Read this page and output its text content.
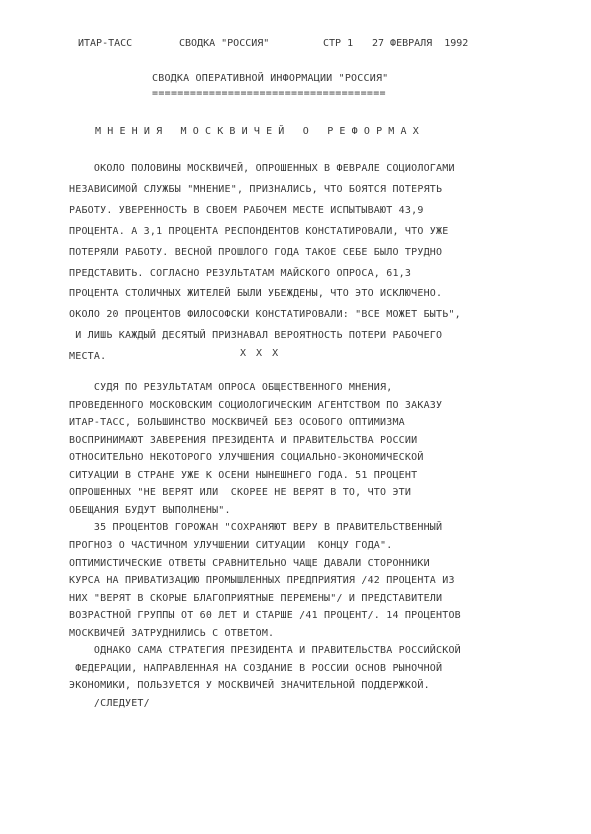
ИТАР-ТАСС	СВОДКА "РОССИЯ"	СТР 1 27 ФЕВРАЛЯ  1992
СВОДКА ОПЕРАТИВНОЙ ИНФОРМАЦИИ "РОССИЯ"
=====================================
МНЕНИЯ МОСКВИЧЕЙ О РЕФОРМАХ
ОКОЛО ПОЛОВИНЫ МОСКВИЧЕЙ, ОПРОШЕННЫХ В ФЕВРАЛЕ СОЦИОЛОГАМИ
НЕЗАВИСИМОЙ СЛУЖБЫ "МНЕНИЕ", ПРИЗНАЛИСЬ, ЧТО БОЯТСЯ ПОТЕРЯТЬ
РАБОТУ. УВЕРЕННОСТЬ В СВОЕМ РАБОЧЕМ МЕСТЕ ИСПЫТЫВАЮТ 43,9
ПРОЦЕНТА. А 3,1 ПРОЦЕНТА РЕСПОНДЕНТОВ КОНСТАТИРОВАЛИ, ЧТО УЖЕ
ПОТЕРЯЛИ РАБОТУ. ВЕСНОЙ ПРОШЛОГО ГОДА ТАКОЕ СЕБЕ БЫЛО ТРУДНО
ПРЕДСТАВИТЬ. СОГЛАСНО РЕЗУЛЬТАТАМ МАЙСКОГО ОПРОСА, 61,3
ПРОЦЕНТА СТОЛИЧНЫХ ЖИТЕЛЕЙ БЫЛИ УБЕЖДЕНЫ, ЧТО ЭТО ИСКЛЮЧЕНО.
ОКОЛО 20 ПРОЦЕНТОВ ФИЛОСОФСКИ КОНСТАТИРОВАЛИ: "ВСЕ МОЖЕТ БЫТЬ",
И ЛИШЬ КАЖДЫЙ ДЕСЯТЫЙ ПРИЗНАВАЛ ВЕРОЯТНОСТЬ ПОТЕРИ РАБОЧЕГО
МЕСТА.	Х Х Х
СУДЯ ПО РЕЗУЛЬТАТАМ ОПРОСА ОБЩЕСТВЕННОГО МНЕНИЯ,
ПРОВЕДЕННОГО МОСКОВСКИМ СОЦИОЛОГИЧЕСКИМ АГЕНТСТВОМ ПО ЗАКАЗУ
ИТАР-ТАСС, БОЛЬШИНСТВО МОСКВИЧЕЙ БЕЗ ОСОБОГО ОПТИМИЗМА
ВОСПРИНИМАЮТ ЗАВЕРЕНИЯ ПРЕЗИДЕНТА И ПРАВИТЕЛЬСТВА РОССИИ
ОТНОСИТЕЛЬНО НЕКОТОРОГО УЛУЧШЕНИЯ СОЦИАЛЬНО-ЭКОНОМИЧЕСКОЙ
СИТУАЦИИ В СТРАНЕ УЖЕ К ОСЕНИ НЫНЕШНЕГО ГОДА. 51 ПРОЦЕНТ
ОПРОШЕННЫХ "НЕ ВЕРЯТ ИЛИ  СКОРЕЕ НЕ ВЕРЯТ В ТО, ЧТО ЭТИ
ОБЕЩАНИЯ БУДУТ ВЫПОЛНЕНЫ".
35 ПРОЦЕНТОВ ГОРОЖАН "СОХРАНЯЮТ ВЕРУ В ПРАВИТЕЛЬСТВЕННЫЙ
ПРОГНОЗ О ЧАСТИЧНОМ УЛУЧШЕНИИ СИТУАЦИИ  КОНЦУ ГОДА".
ОПТИМИСТИЧЕСКИЕ ОТВЕТЫ СРАВНИТЕЛЬНО ЧАЩЕ ДАВАЛИ СТОРОННИКИ
КУРСА НА ПРИВАТИЗАЦИЮ ПРОМЫШЛЕННЫХ ПРЕДПРИЯТИЯ /42 ПРОЦЕНТА ИЗ
НИХ "ВЕРЯТ В СКОРЫЕ БЛАГОПРИЯТНЫЕ ПЕРЕМЕНЫ"/ И ПРЕДСТАВИТЕЛИ
ВОЗРАСТНОЙ ГРУППЫ ОТ 60 ЛЕТ И СТАРШЕ /41 ПРОЦЕНТ/. 14 ПРОЦЕНТОВ
МОСКВИЧЕЙ ЗАТРУДНИЛИСЬ С ОТВЕТОМ.
ОДНАКО САМА СТРАТЕГИЯ ПРЕЗИДЕНТА И ПРАВИТЕЛЬСТВА РОССИЙСКОЙ
ФЕДЕРАЦИИ, НАПРАВЛЕННАЯ НА СОЗДАНИЕ В РОССИИ ОСНОВ РЫНОЧНОЙ
ЭКОНОМИКИ, ПОЛЬЗУЕТСЯ У МОСКВИЧЕЙ ЗНАЧИТЕЛЬНОЙ ПОДДЕРЖКОЙ.
/СЛЕДУЕТ/
